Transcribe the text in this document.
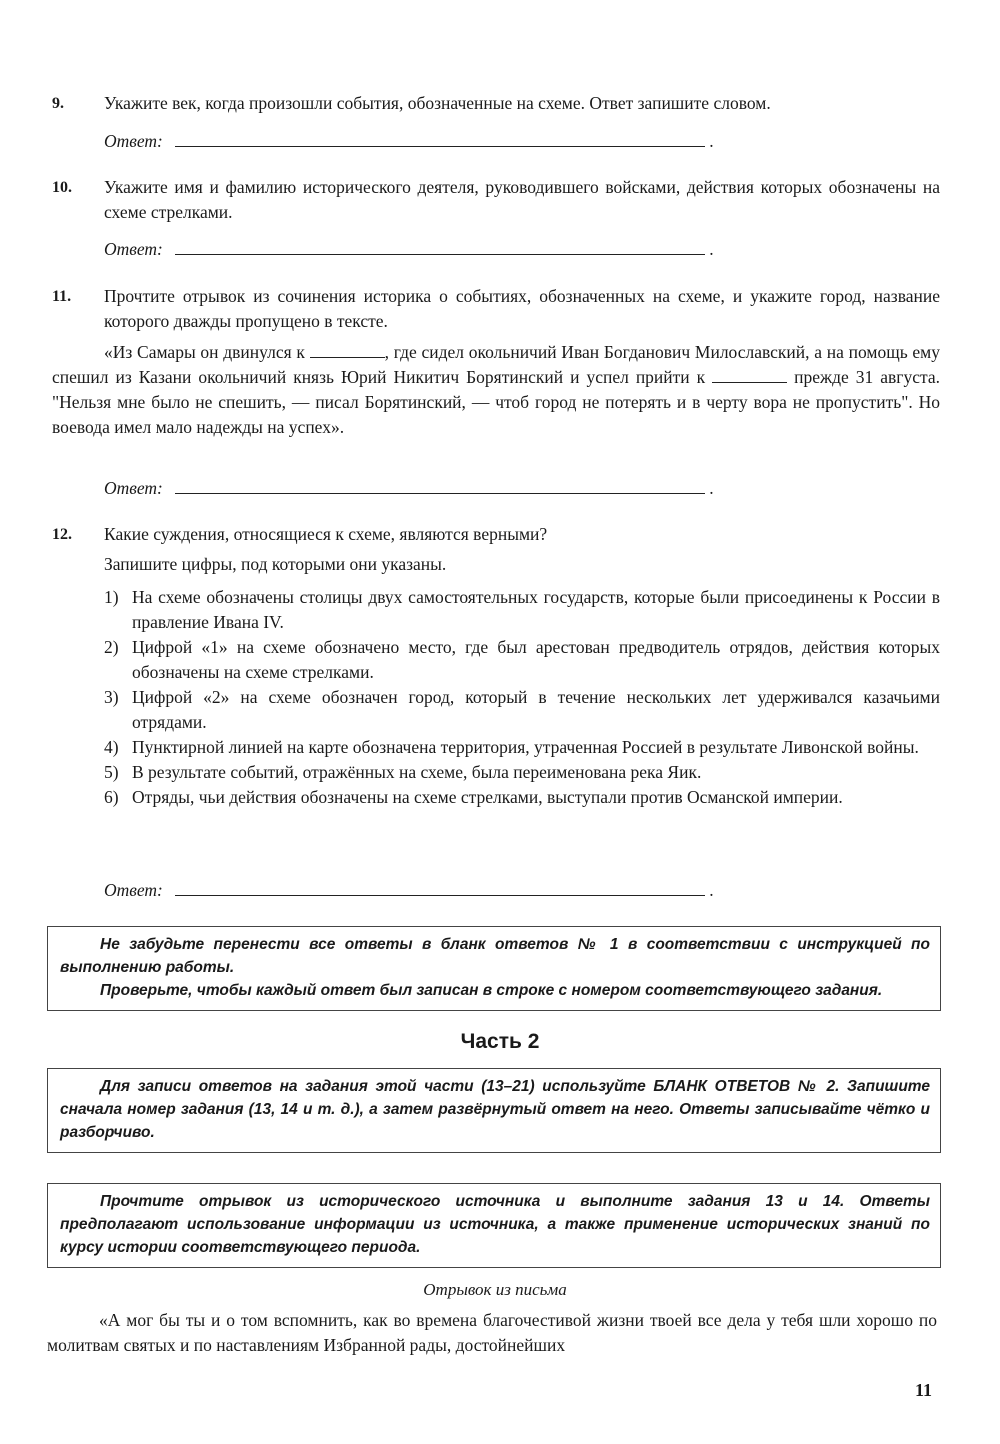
9. Укажите век, когда произошли события, обозначенные на схеме. Ответ запишите словом.
Ответ:	.
10. Укажите имя и фамилию исторического деятеля, руководившего войсками, действия которых обозначены на схеме стрелками.
Ответ:	.
11. Прочтите отрывок из сочинения историка о событиях, обозначенных на схеме, и укажите город, название которого дважды пропущено в тексте.
«Из Самары он двинулся к	, где сидел окольничий Иван Богданович Милославский, а на помощь ему спешил из Казани окольничий князь Юрий Никитич Борятинский и успел прийти к	прежде 31 августа. "Нельзя мне было не спешить, — писал Борятинский, — чтоб город не потерять и в черту вора не пропустить". Но воевода имел мало надежды на успех».
Ответ:	.
12. Какие суждения, относящиеся к схеме, являются верными?
Запишите цифры, под которыми они указаны.
1) На схеме обозначены столицы двух самостоятельных государств, которые были присоединены к России в правление Ивана IV.
2) Цифрой «1» на схеме обозначено место, где был арестован предводитель отрядов, действия которых обозначены на схеме стрелками.
3) Цифрой «2» на схеме обозначен город, который в течение нескольких лет удерживался казачьими отрядами.
4) Пунктирной линией на карте обозначена территория, утраченная Россией в результате Ливонской войны.
5) В результате событий, отражённых на схеме, была переименована река Яик.
6) Отряды, чьи действия обозначены на схеме стрелками, выступали против Османской империи.
Ответ:	.

Не забудьте перенести все ответы в бланк ответов № 1 в соответствии с инструкцией по выполнению работы.

Проверьте, чтобы каждый ответ был записан в строке с номером соответствующего задания.

Часть 2

Для записи ответов на задания этой части (13–21) используйте БЛАНК ОТВЕТОВ № 2. Запишите сначала номер задания (13, 14 и т. д.), а затем развёрнутый ответ на него. Ответы записывайте чётко и разборчиво.

Прочтите отрывок из исторического источника и выполните задания 13 и 14. Ответы предполагают использование информации из источника, а также применение исторических знаний по курсу истории соответствующего периода.

Отрывок из письма
«А мог бы ты и о том вспомнить, как во времена благочестивой жизни твоей все дела у тебя шли хорошо по молитвам святых и по наставлениям Избранной рады, достойнейших
11
